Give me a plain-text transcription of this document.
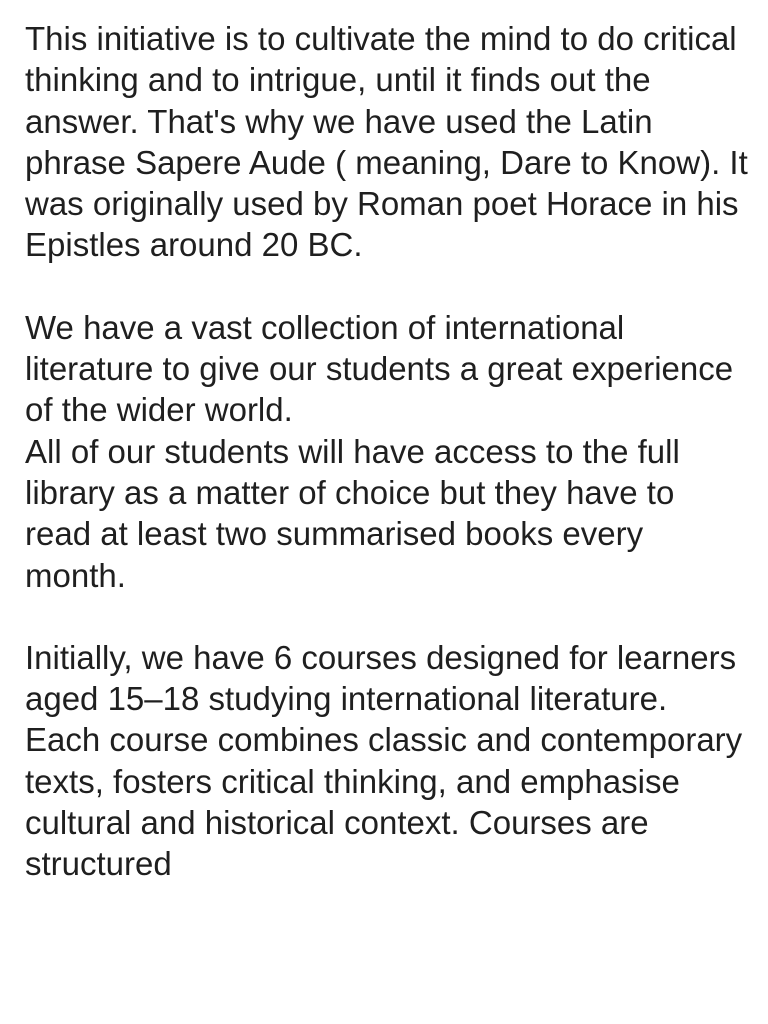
This initiative is to cultivate the mind to do critical thinking and to intrigue, until it finds out the answer. That's why we have used the Latin phrase Sapere Aude ( meaning, Dare to Know). It was originally used by Roman poet Horace in his Epistles around 20 BC.

We have a vast collection of international literature to give our students a great experience of the wider world.
All of our students will have access to the full library as a matter of choice but they have to read at least two summarised books every month.

Initially, we have 6 courses designed for learners aged 15–18 studying international literature. Each course combines classic and contemporary texts, fosters critical thinking, and emphasise cultural and historical context. Courses are structured
